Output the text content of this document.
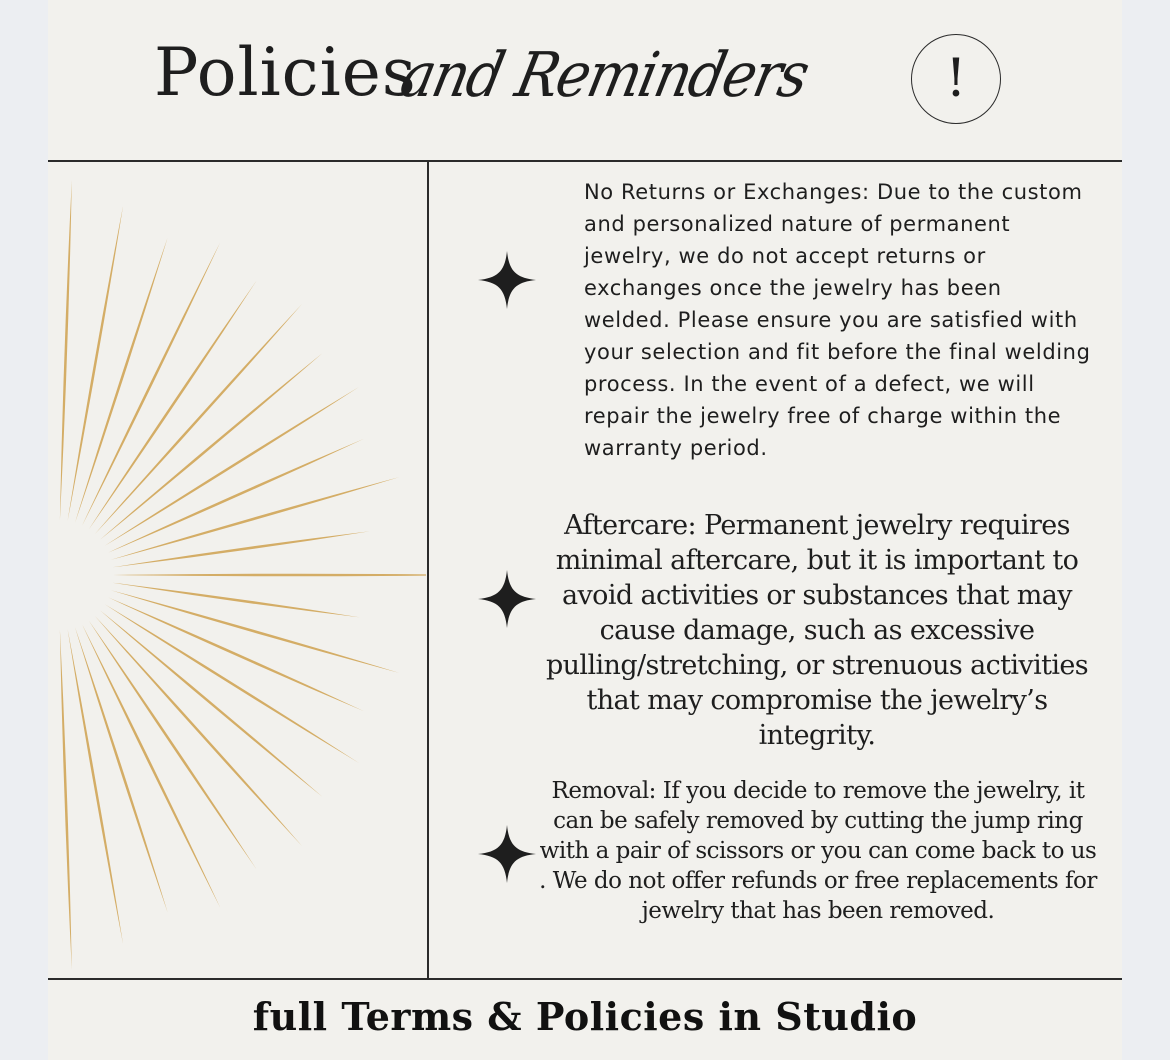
Policies
and Reminders	!
No Returns or Exchanges: Due to the custom and personalized nature of permanent jewelry, we do not accept returns or exchanges once the jewelry has been welded. Please ensure you are satisfied with your selection and fit before the final welding process. In the event of a defect, we will repair the jewelry free of charge within the warranty period.
Aftercare: Permanent jewelry requires minimal aftercare, but it is important to avoid activities or substances that may cause damage, such as excessive pulling/stretching, or strenuous activities that may compromise the jewelry’s integrity.
Removal: If you decide to remove the jewelry, it can be safely removed by cutting the jump ring with a pair of scissors or you can come back to us . We do not offer refunds or free replacements for jewelry that has been removed.
full Terms & Policies in Studio
